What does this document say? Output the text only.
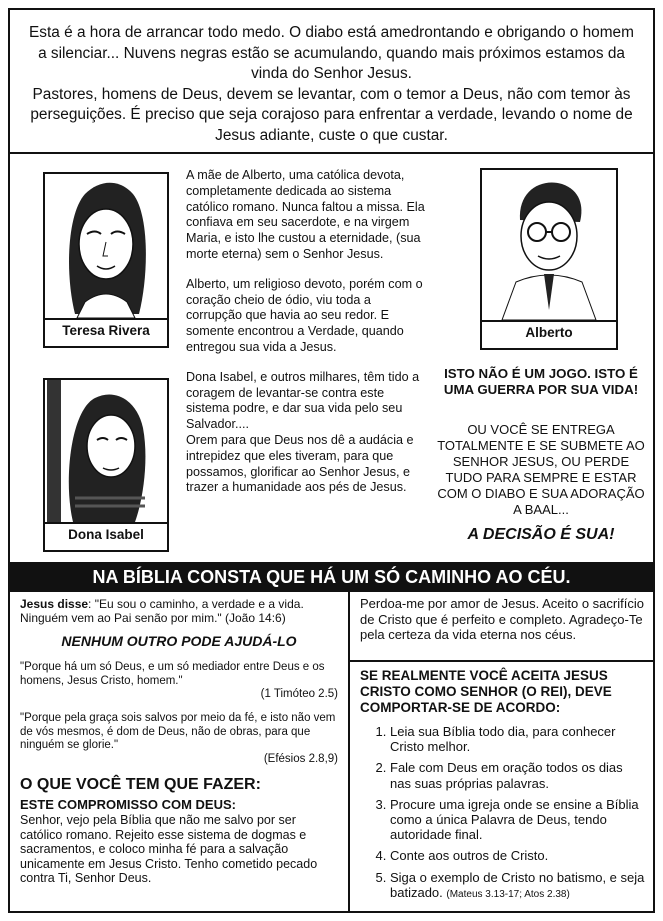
Esta é a hora de arrancar todo medo. O diabo está amedrontando e obrigando o homem a silenciar... Nuvens negras estão se acumulando, quando mais próximos estamos da vinda do Senhor Jesus.

Pastores, homens de Deus, devem se levantar, com o temor a Deus, não com temor às perseguições. É preciso que seja corajoso para enfrentar a verdade, levando o nome de Jesus adiante, custe o que custar.

Teresa Rivera
Dona Isabel
Alberto

A mãe de Alberto, uma católica devota, completamente dedicada ao sistema católico romano. Nunca faltou a missa. Ela confiava em seu sacerdote, e na virgem Maria, e isto lhe custou a eternidade, (sua morte eterna) sem o Senhor Jesus.

Alberto, um religioso devoto, porém com o coração cheio de ódio, viu toda a corrupção que havia ao seu redor. E somente encontrou a Verdade, quando entregou sua vida a Jesus.

Dona Isabel, e outros milhares, têm tido a coragem de levantar-se contra este sistema podre, e dar sua vida pelo seu Salvador....

Orem para que Deus nos dê a audácia e intrepidez que eles tiveram, para que possamos, glorificar ao Senhor Jesus, e trazer a humanidade aos pés de Jesus.

ISTO NÃO É UM JOGO. ISTO É UMA GUERRA POR SUA VIDA!
OU VOCÊ SE ENTREGA TOTALMENTE E SE SUBMETE AO SENHOR JESUS, OU PERDE TUDO PARA SEMPRE E ESTAR COM O DIABO E SUA ADORAÇÃO A BAAL...
A DECISÃO É SUA!
NA BÍBLIA CONSTA QUE HÁ UM SÓ CAMINHO AO CÉU.
Jesus disse: "Eu sou o caminho, a verdade e a vida. Ninguém vem ao Pai senão por mim." (João 14:6)
NENHUM OUTRO PODE AJUDÁ-LO
"Porque há um só Deus, e um só mediador entre Deus e os homens, Jesus Cristo, homem."
(1 Timóteo 2.5)
"Porque pela graça sois salvos por meio da fé, e isto não vem de vós mesmos, é dom de Deus, não de obras, para que ninguém se glorie."
(Efésios 2.8,9)
O QUE VOCÊ TEM QUE FAZER:
ESTE COMPROMISSO COM DEUS:
Senhor, vejo pela Bíblia que não me salvo por ser católico romano. Rejeito esse sistema de dogmas e sacramentos, e coloco minha fé para a salvação unicamente em Jesus Cristo. Tenho cometido pecado contra Ti, Senhor Deus.
Perdoa-me por amor de Jesus. Aceito o sacrifício de Cristo que é perfeito e completo. Agradeço-Te pela certeza da vida eterna nos céus.
SE REALMENTE VOCÊ ACEITA JESUS CRISTO COMO SENHOR (O REI), DEVE COMPORTAR-SE DE ACORDO:
1. Leia sua Bíblia todo dia, para conhecer Cristo melhor.
2. Fale com Deus em oração todos os dias nas suas próprias palavras.
3. Procure uma igreja onde se ensine a Bíblia como a única Palavra de Deus, tendo autoridade final.
4. Conte aos outros de Cristo.
5. Siga o exemplo de Cristo no batismo, e seja batizado. (Mateus 3.13-17; Atos 2.38)
